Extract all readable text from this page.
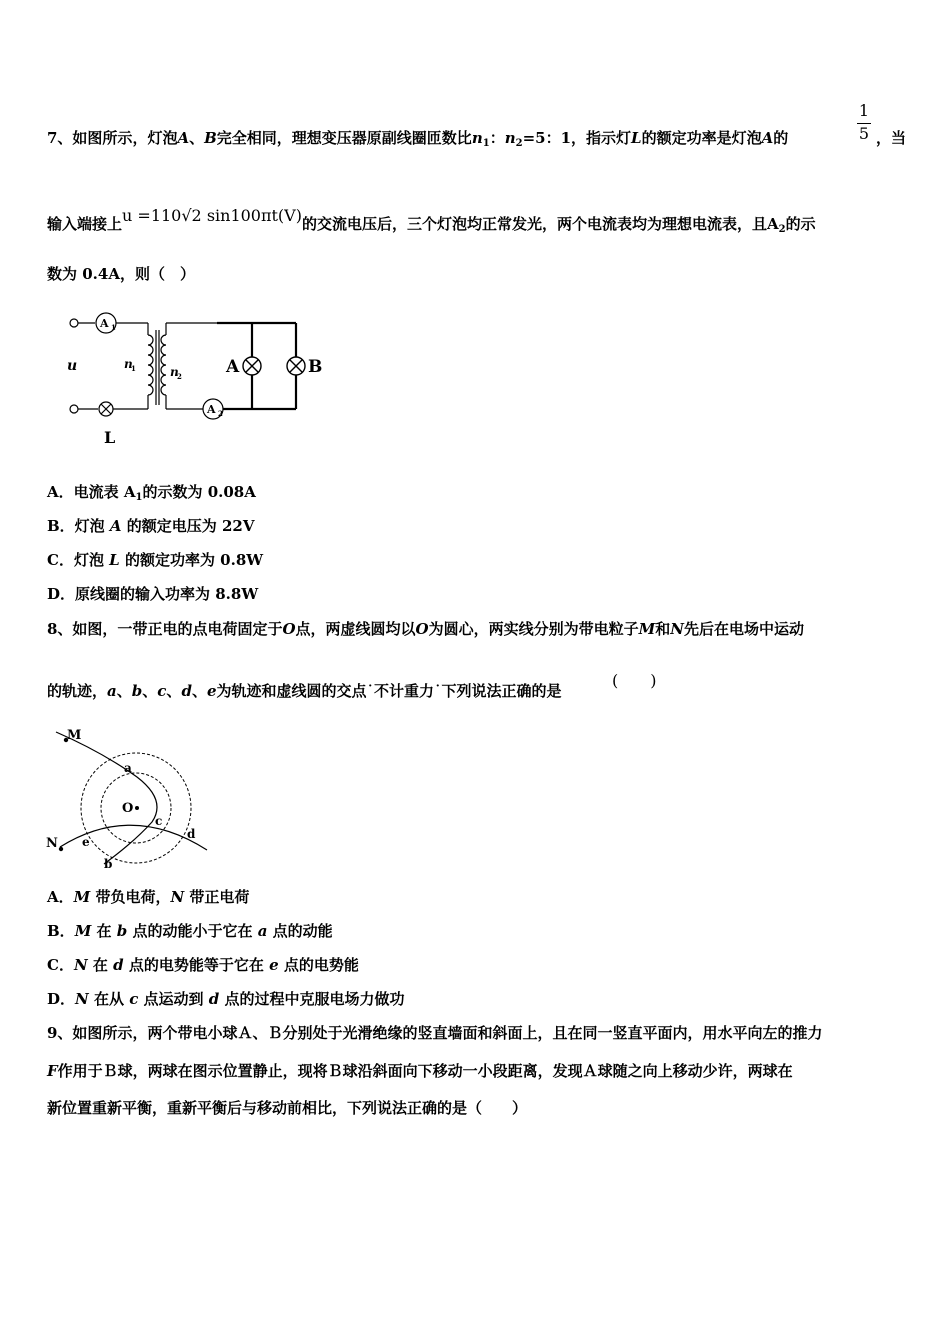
1
5
7、如图所示，灯泡A、B完全相同，理想变压器原副线圈匝数比$n_1$：$n_2=5$：1，指示灯L的额定功率是灯泡A的	，当
输入端接上u =110√2 sin100πt(V)的交流电压后，三个灯泡均正常发光，两个电流表均为理想电流表，且$A_2$的示
数为 0.4A，则（　）
A 1
A 2
u	n
1	n
2	A	B
L
A．电流表 $A_1$的示数为 0.08A
B．灯泡 A 的额定电压为 22V
C．灯泡 L 的额定功率为 0.8W
D．原线圈的输入功率为 8.8W
8、如图，一带正电的点电荷固定于O点，两虚线圆均以O为圆心，两实线分别为带电粒子M和N先后在电场中运动
的轨迹，a、b、c、d、e为轨迹和虚线圆的交点˙不计重力˙下列说法正确的是
(　　)
M
N
O
a
b
c
d
e
A．M 带负电荷，N 带正电荷
B．M 在 b 点的动能小于它在 a 点的动能
C．N 在 d 点的电势能等于它在 e 点的电势能
D．N 在从 c 点运动到 d 点的过程中克服电场力做功
9、如图所示，两个带电小球Ａ、Ｂ分别处于光滑绝缘的竖直墙面和斜面上，且在同一竖直平面内，用水平向左的推力
F作用于Ｂ球，两球在图示位置静止，现将Ｂ球沿斜面向下移动一小段距离，发现Ａ球随之向上移动少许，两球在
新位置重新平衡，重新平衡后与移动前相比，下列说法正确的是（　　）
